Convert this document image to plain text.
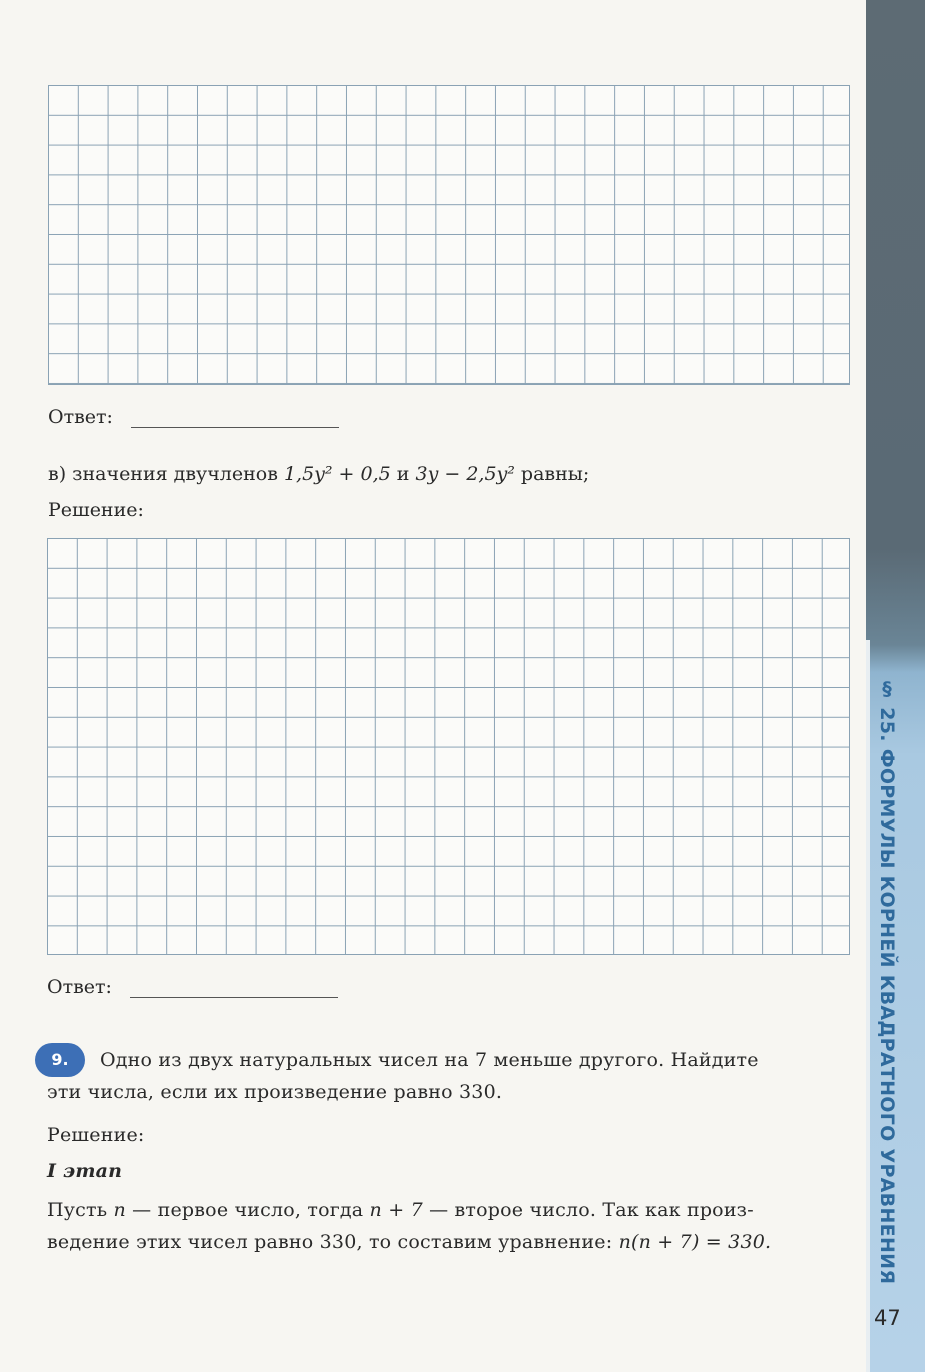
§ 25. ФОРМУЛЫ КОРНЕЙ КВАДРАТНОГО УРАВНЕНИЯ
47
Ответ:
в) значения двучленов 1,5y² + 0,5 и 3y − 2,5y² равны;
Решение:
Ответ:
9.	Одно из двух натуральных чисел на 7 меньше другого. Найдите
эти числа, если их произведение равно 330.
Решение:
I этап
Пусть n — первое число, тогда n + 7 — второе число. Так как произ-
ведение этих чисел равно 330, то составим уравнение: n(n + 7) = 330.
